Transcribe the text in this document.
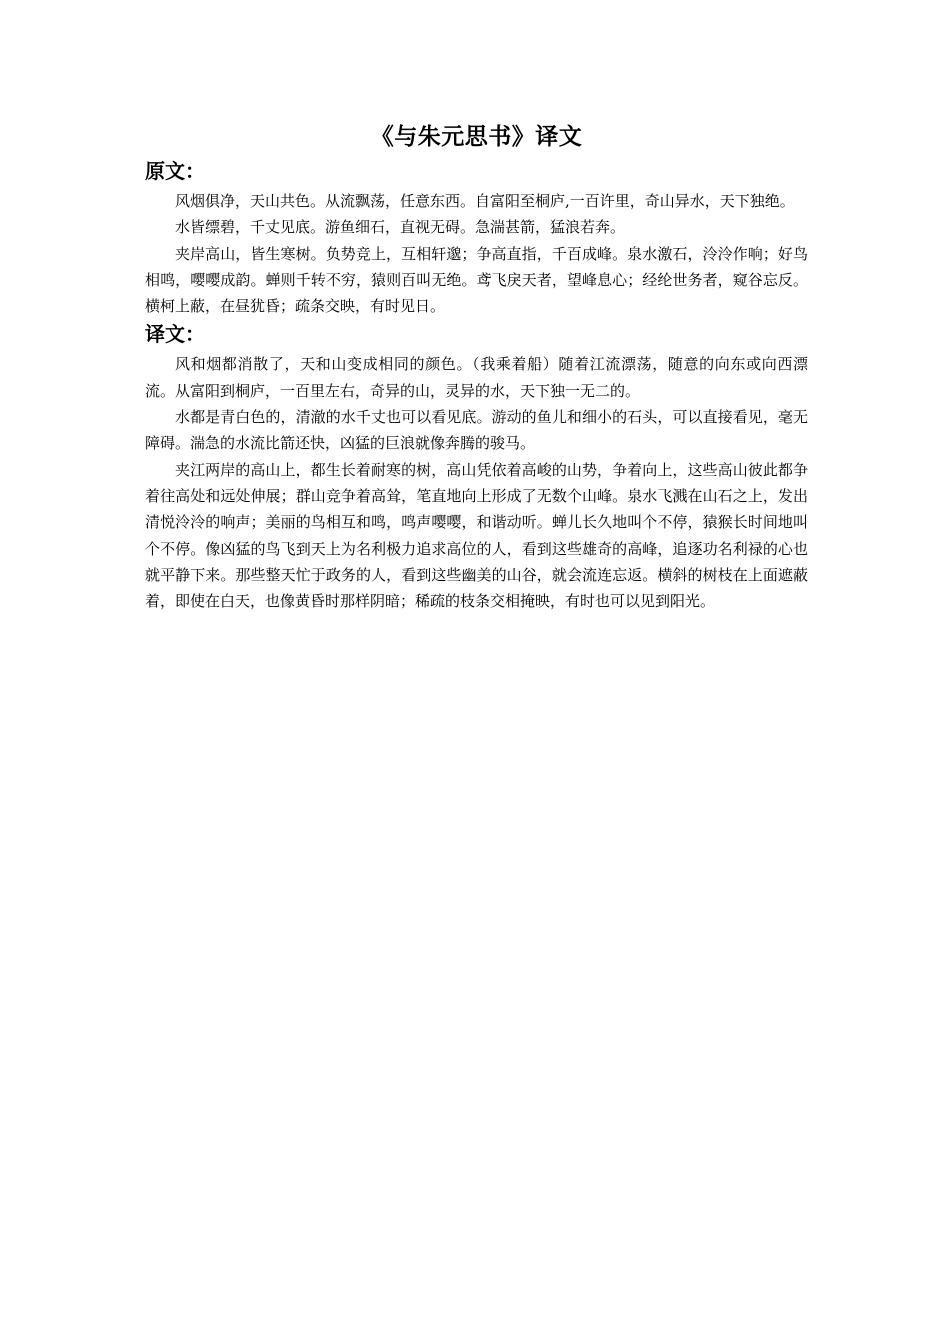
《与朱元思书》译文
原文：

风烟俱净，天山共色。从流飘荡，任意东西。自富阳至桐庐,一百许里，奇山异水，天下独绝。

水皆缥碧，千丈见底。游鱼细石，直视无碍。急湍甚箭，猛浪若奔。

夹岸高山，皆生寒树。负势竞上，互相轩邈；争高直指，千百成峰。泉水激石，泠泠作响；好鸟相鸣，嘤嘤成韵。蝉则千转不穷，猿则百叫无绝。鸢飞戾天者，望峰息心；经纶世务者，窥谷忘反。横柯上蔽，在昼犹昏；疏条交映，有时见日。

译文：

风和烟都消散了，天和山变成相同的颜色。（我乘着船）随着江流漂荡，随意的向东或向西漂流。从富阳到桐庐，一百里左右，奇异的山，灵异的水，天下独一无二的。

水都是青白色的，清澈的水千丈也可以看见底。游动的鱼儿和细小的石头，可以直接看见，毫无障碍。湍急的水流比箭还快，凶猛的巨浪就像奔腾的骏马。

夹江两岸的高山上，都生长着耐寒的树，高山凭依着高峻的山势，争着向上，这些高山彼此都争着往高处和远处伸展；群山竞争着高耸，笔直地向上形成了无数个山峰。泉水飞溅在山石之上，发出清悦泠泠的响声；美丽的鸟相互和鸣，鸣声嘤嘤，和谐动听。蝉儿长久地叫个不停，猿猴长时间地叫个不停。像凶猛的鸟飞到天上为名利极力追求高位的人，看到这些雄奇的高峰，追逐功名利禄的心也就平静下来。那些整天忙于政务的人，看到这些幽美的山谷，就会流连忘返。横斜的树枝在上面遮蔽着，即使在白天，也像黄昏时那样阴暗；稀疏的枝条交相掩映，有时也可以见到阳光。
